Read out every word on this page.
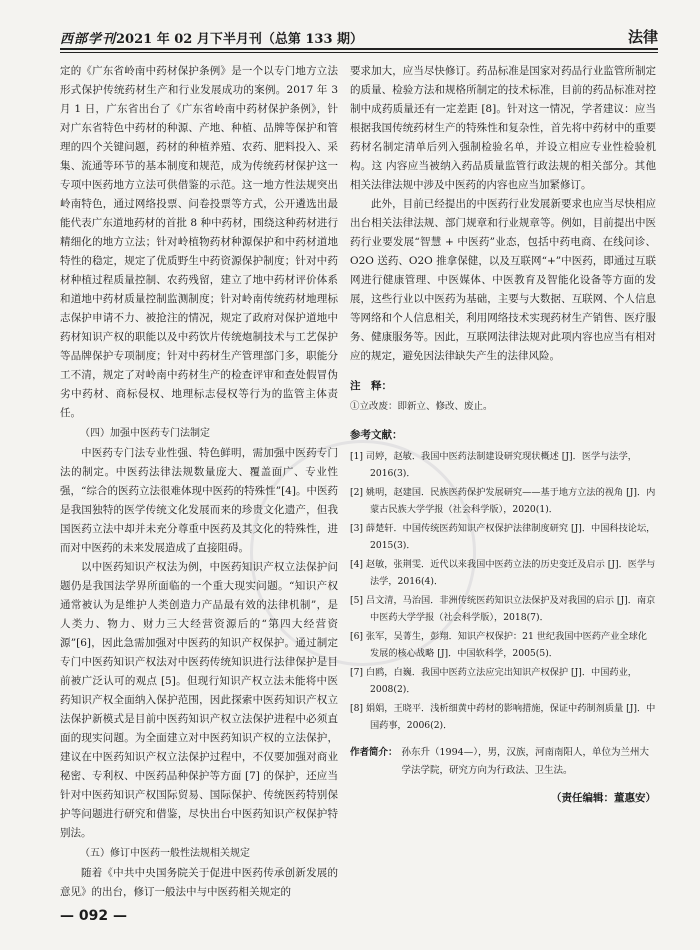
西部学刊2021 年 02 月下半月刊（总第 133 期）	法律

定的《广东省岭南中药材保护条例》是一个以专门地方立法形式保护传统药材生产和行业发展成功的案例。2017 年 3 月 1 日，广东省出台了《广东省岭南中药材保护条例》，针对广东省特色中药材的种源、产地、种植、品牌等保护和管理的四个关键问题，药材的种植养殖、农药、肥料投入、采集、流通等环节的基本制度和规范，成为传统药材保护这一专项中医药地方立法可供借鉴的示范。这一地方性法规突出岭南特色，通过网络投票、问卷投票等方式，公开遴选出最能代表广东道地药材的首批 8 种中药材，围绕这种药材进行精细化的地方立法；针对岭植物药材种源保护和中药材道地特性的稳定，规定了优质野生中药资源保护制度；针对中药材种植过程质量控制、农药残留，建立了地中药材评价体系和道地中药材质量控制监测制度；针对岭南传统药材地理标志保护申请不力、被抢注的情况，规定了政府对保护道地中药材知识产权的职能以及中药饮片传统炮制技术与工艺保护等品牌保护专项制度；针对中药材生产管理部门多，职能分工不清，规定了对岭南中药材生产的检查评审和查处假冒伪劣中药材、商标侵权、地理标志侵权等行为的监管主体责任。

（四）加强中医药专门法制定

中医药专门法专业性强、特色鲜明，需加强中医药专门法的制定。中医药法律法规数量庞大、覆盖面广、专业性强，“综合的医药立法很难体现中医药的特殊性”[4]。中医药是我国独特的医学传统文化发展而来的珍贵文化遗产，但我国医药立法中却并未充分尊重中医药及其文化的特殊性，进而对中医药的未来发展造成了直接阻碍。

以中医药知识产权法为例，中医药知识产权立法保护问题仍是我国法学界所面临的一个重大现实问题。“知识产权通常被认为是维护人类创造力产品最有效的法律机制”，是人类力、物力、财力三大经营资源后的“第四大经营资源”[6]，因此急需加强对中医药的知识产权保护。通过制定专门中医药知识产权法对中医药传统知识进行法律保护是目前被广泛认可的观点 [5]。但现行知识产权立法未能将中医药知识产权全面纳入保护范围，因此探索中医药知识产权立法保护新模式是目前中医药知识产权立法保护进程中必须直面的现实问题。为全面建立对中医药知识产权的立法保护，建议在中医药知识产权立法保护过程中，不仅要加强对商业秘密、专利权、中医药品种保护等方面 [7] 的保护，还应当针对中医药知识产权国际贸易、国际保护、传统医药特别保护等问题进行研究和借鉴，尽快出台中医药知识产权保护特别法。

（五）修订中医药一般性法规相关规定

随着《中共中央国务院关于促进中医药传承创新发展的意见》的出台，修订一般法中与中医药相关规定的

要求加大，应当尽快修订。药品标准是国家对药品行业监管所制定的质量、检验方法和规格所制定的技术标准，目前的药品标准对控制中成药质量还有一定差距 [8]。针对这一情况，学者建议：应当根据我国传统药材生产的特殊性和复杂性，首先将中药材中的重要药材名制定清单后列入强制检验名单，并设立相应专业性检验机构。这 内容应当被纳入药品质量监管行政法规的相关部分。其他相关法律法规中涉及中医药的内容也应当加紧修订。

此外，目前已经提出的中医药行业发展新要求也应当尽快相应出台相关法律法规、部门规章和行业规章等。例如，目前提出中医药行业要发展“智慧 + 中医药”业态，包括中药电商、在线问诊、O2O 送药、O2O 推拿保健，以及互联网“+”中医药，即通过互联网进行健康管理、中医媒体、中医教育及智能化设备等方面的发展，这些行业以中医药为基础，主要与大数据、互联网、个人信息等网络和个人信息相关，利用网络技术实现药材生产销售、医疗服务、健康服务等。因此，互联网法律法规对此项内容也应当有相对应的规定，避免因法律缺失产生的法律风险。

注　释：
①立改废：即新立、修改、废止。
参考文献：
[1] 司婷，赵敏．我国中医药法制建设研究现状概述 [J]．医学与法学，2016(3)．
[2] 姚明，赵建国．民族医药保护发展研究——基于地方立法的视角 [J]．内蒙古民族大学学报（社会科学版），2020(1)．
[3] 薛楚轩．中国传统医药知识产权保护法律制度研究 [J]．中国科技论坛，2015(3)．
[4] 赵敏，张荆雯．近代以来我国中医药立法的历史变迁及启示 [J]．医学与法学，2016(4)．
[5] 吕文清，马治国．非洲传统医药知识立法保护及对我国的启示 [J]．南京中医药大学学报（社会科学版），2018(7)．
[6] 张军，吴菁生，彭翔．知识产权保护：21 世纪我国中医药产业全球化发展的核心战略 [J]．中国软科学，2005(5)．
[7] 白鸥，白巍．我国中医药立法应完出知识产权保护 [J]．中国药业，2008(2)．
[8] 娟娟，王晓平．浅析细黄中药材的影响措施，保证中药制剂质量 [J]．中国药事，2006(2)．
作者简介： 孙东升（1994—），男，汉族，河南南阳人，单位为兰州大学法学院，研究方向为行政法、卫生法。
（责任编辑：董惠安）
— 092 —
